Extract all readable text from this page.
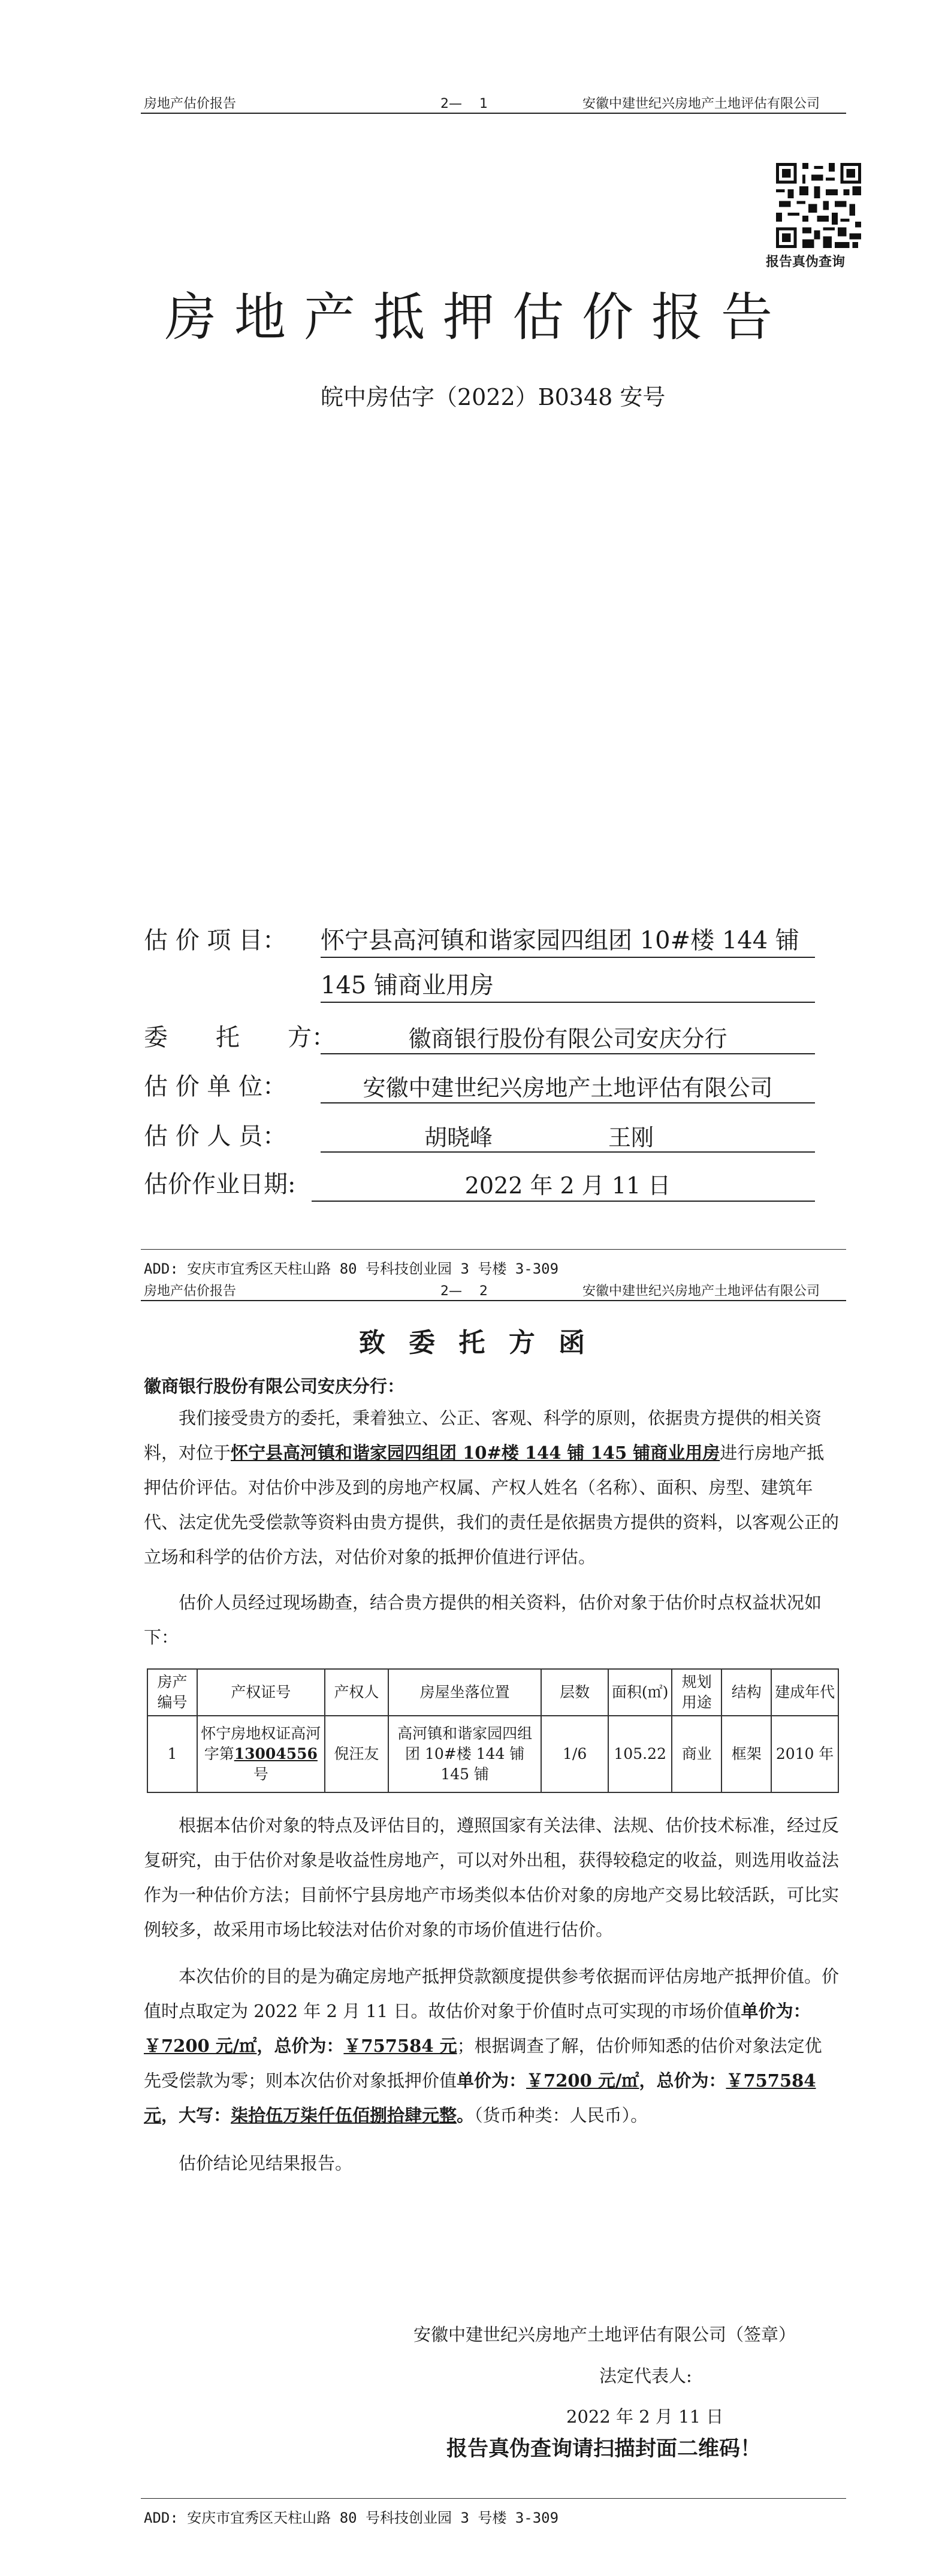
房地产估价报告	2—　 1	安徽中建世纪兴房地产土地评估有限公司
报告真伪查询
房地产抵押估价报告
皖中房估字（2022）B0348 安号
估 价 项 目： 怀宁县高河镇和谐家园四组团 10#楼 144 铺
145 铺商业用房
委　　托　　方：	徽商银行股份有限公司安庆分行
估 价 单 位：	安徽中建世纪兴房地产土地评估有限公司
估 价 人 员：	胡晓峰	王刚
估价作业日期:	2022 年 2 月 11 日
ADD: 安庆市宜秀区天柱山路 80 号科技创业园 3 号楼 3-309
房地产估价报告	2—　 2	安徽中建世纪兴房地产土地评估有限公司
致 委 托 方 函
徽商银行股份有限公司安庆分行：
我们接受贵方的委托，秉着独立、公正、客观、科学的原则，依据贵方提供的相关资料，对位于怀宁县高河镇和谐家园四组团 10#楼 144 铺 145 铺商业用房进行房地产抵押估价评估。对估价中涉及到的房地产权属、产权人姓名（名称）、面积、房型、建筑年代、法定优先受偿款等资料由贵方提供，我们的责任是依据贵方提供的资料，以客观公正的立场和科学的估价方法，对估价对象的抵押价值进行评估。
估价人员经过现场勘查，结合贵方提供的相关资料，估价对象于估价时点权益状况如下：
房产编号	产权证号	产权人	房屋坐落位置	层数	面积(㎡)	规划用途	结构	建成年代
1	怀宁房地权证高河字第13004556号	倪汪友	高河镇和谐家园四组团 10#楼 144 铺 145 铺	1/6	105.22	商业	框架	2010 年
根据本估价对象的特点及评估目的，遵照国家有关法律、法规、估价技术标准，经过反复研究，由于估价对象是收益性房地产，可以对外出租，获得较稳定的收益，则选用收益法作为一种估价方法；目前怀宁县房地产市场类似本估价对象的房地产交易比较活跃，可比实例较多，故采用市场比较法对估价对象的市场价值进行估价。
本次估价的目的是为确定房地产抵押贷款额度提供参考依据而评估房地产抵押价值。价值时点取定为 2022 年 2 月 11 日。故估价对象于价值时点可实现的市场价值单价为：￥7200 元/㎡，总价为：￥757584 元；根据调查了解，估价师知悉的估价对象法定优先受偿款为零；则本次估价对象抵押价值单价为：￥7200 元/㎡，总价为：￥757584 元，大写：柒拾伍万柒仟伍佰捌拾肆元整。（货币种类：人民币）。
估价结论见结果报告。
安徽中建世纪兴房地产土地评估有限公司（签章）
法定代表人:
2022 年 2 月 11 日
报告真伪查询请扫描封面二维码！
ADD: 安庆市宜秀区天柱山路 80 号科技创业园 3 号楼 3-309
